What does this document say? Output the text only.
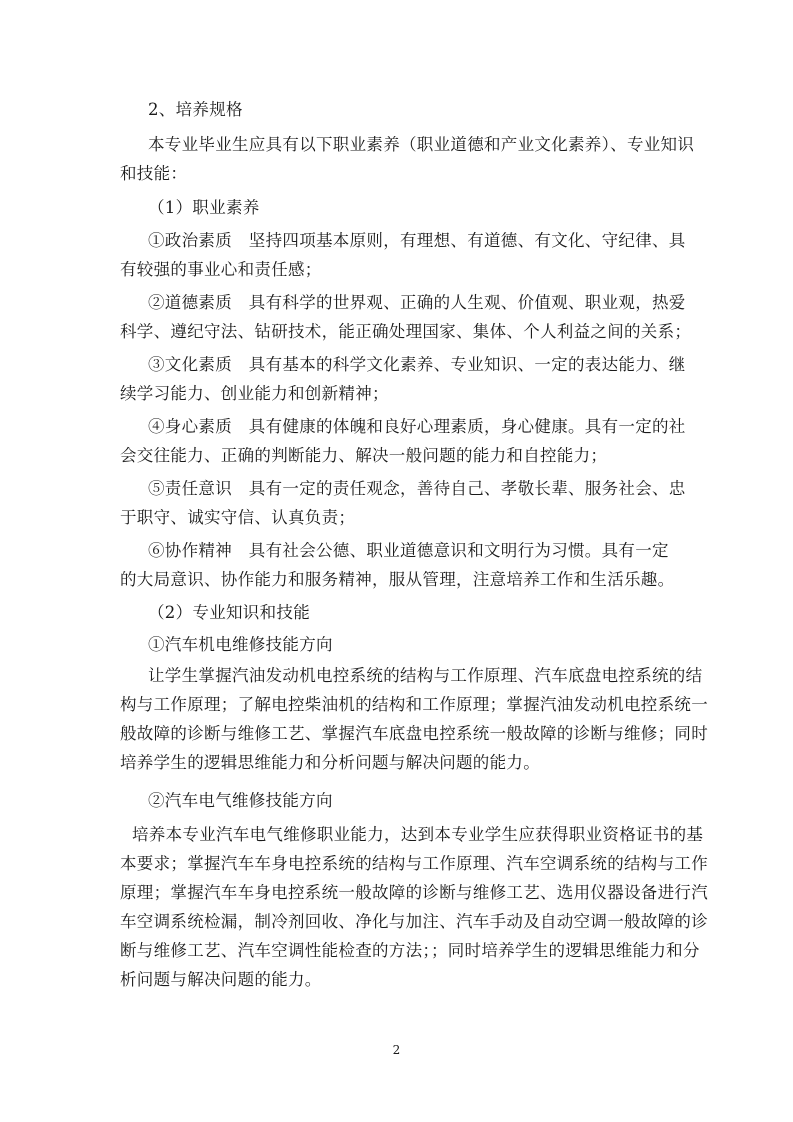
2、培养规格
本专业毕业生应具有以下职业素养（职业道德和产业文化素养）、专业知识
和技能：
（1）职业素养
①政治素质　坚持四项基本原则，有理想、有道德、有文化、守纪律、具
有较强的事业心和责任感；
②道德素质　具有科学的世界观、正确的人生观、价值观、职业观，热爱
科学、遵纪守法、钻研技术，能正确处理国家、集体、个人利益之间的关系；
③文化素质　具有基本的科学文化素养、专业知识、一定的表达能力、继
续学习能力、创业能力和创新精神；
④身心素质　具有健康的体魄和良好心理素质，身心健康。具有一定的社
会交往能力、正确的判断能力、解决一般问题的能力和自控能力；
⑤责任意识　具有一定的责任观念，善待自己、孝敬长辈、服务社会、忠
于职守、诚实守信、认真负责；
⑥协作精神　具有社会公德、职业道德意识和文明行为习惯。具有一定
的大局意识、协作能力和服务精神，服从管理，注意培养工作和生活乐趣。
（2）专业知识和技能
①汽车机电维修技能方向
让学生掌握汽油发动机电控系统的结构与工作原理、汽车底盘电控系统的结
构与工作原理；了解电控柴油机的结构和工作原理；掌握汽油发动机电控系统一
般故障的诊断与维修工艺、掌握汽车底盘电控系统一般故障的诊断与维修；同时
培养学生的逻辑思维能力和分析问题与解决问题的能力。
②汽车电气维修技能方向
培养本专业汽车电气维修职业能力，达到本专业学生应获得职业资格证书的基
本要求；掌握汽车车身电控系统的结构与工作原理、汽车空调系统的结构与工作
原理；掌握汽车车身电控系统一般故障的诊断与维修工艺、选用仪器设备进行汽
车空调系统检漏，制冷剂回收、净化与加注、汽车手动及自动空调一般故障的诊
断与维修工艺、汽车空调性能检查的方法；；同时培养学生的逻辑思维能力和分
析问题与解决问题的能力。
2
